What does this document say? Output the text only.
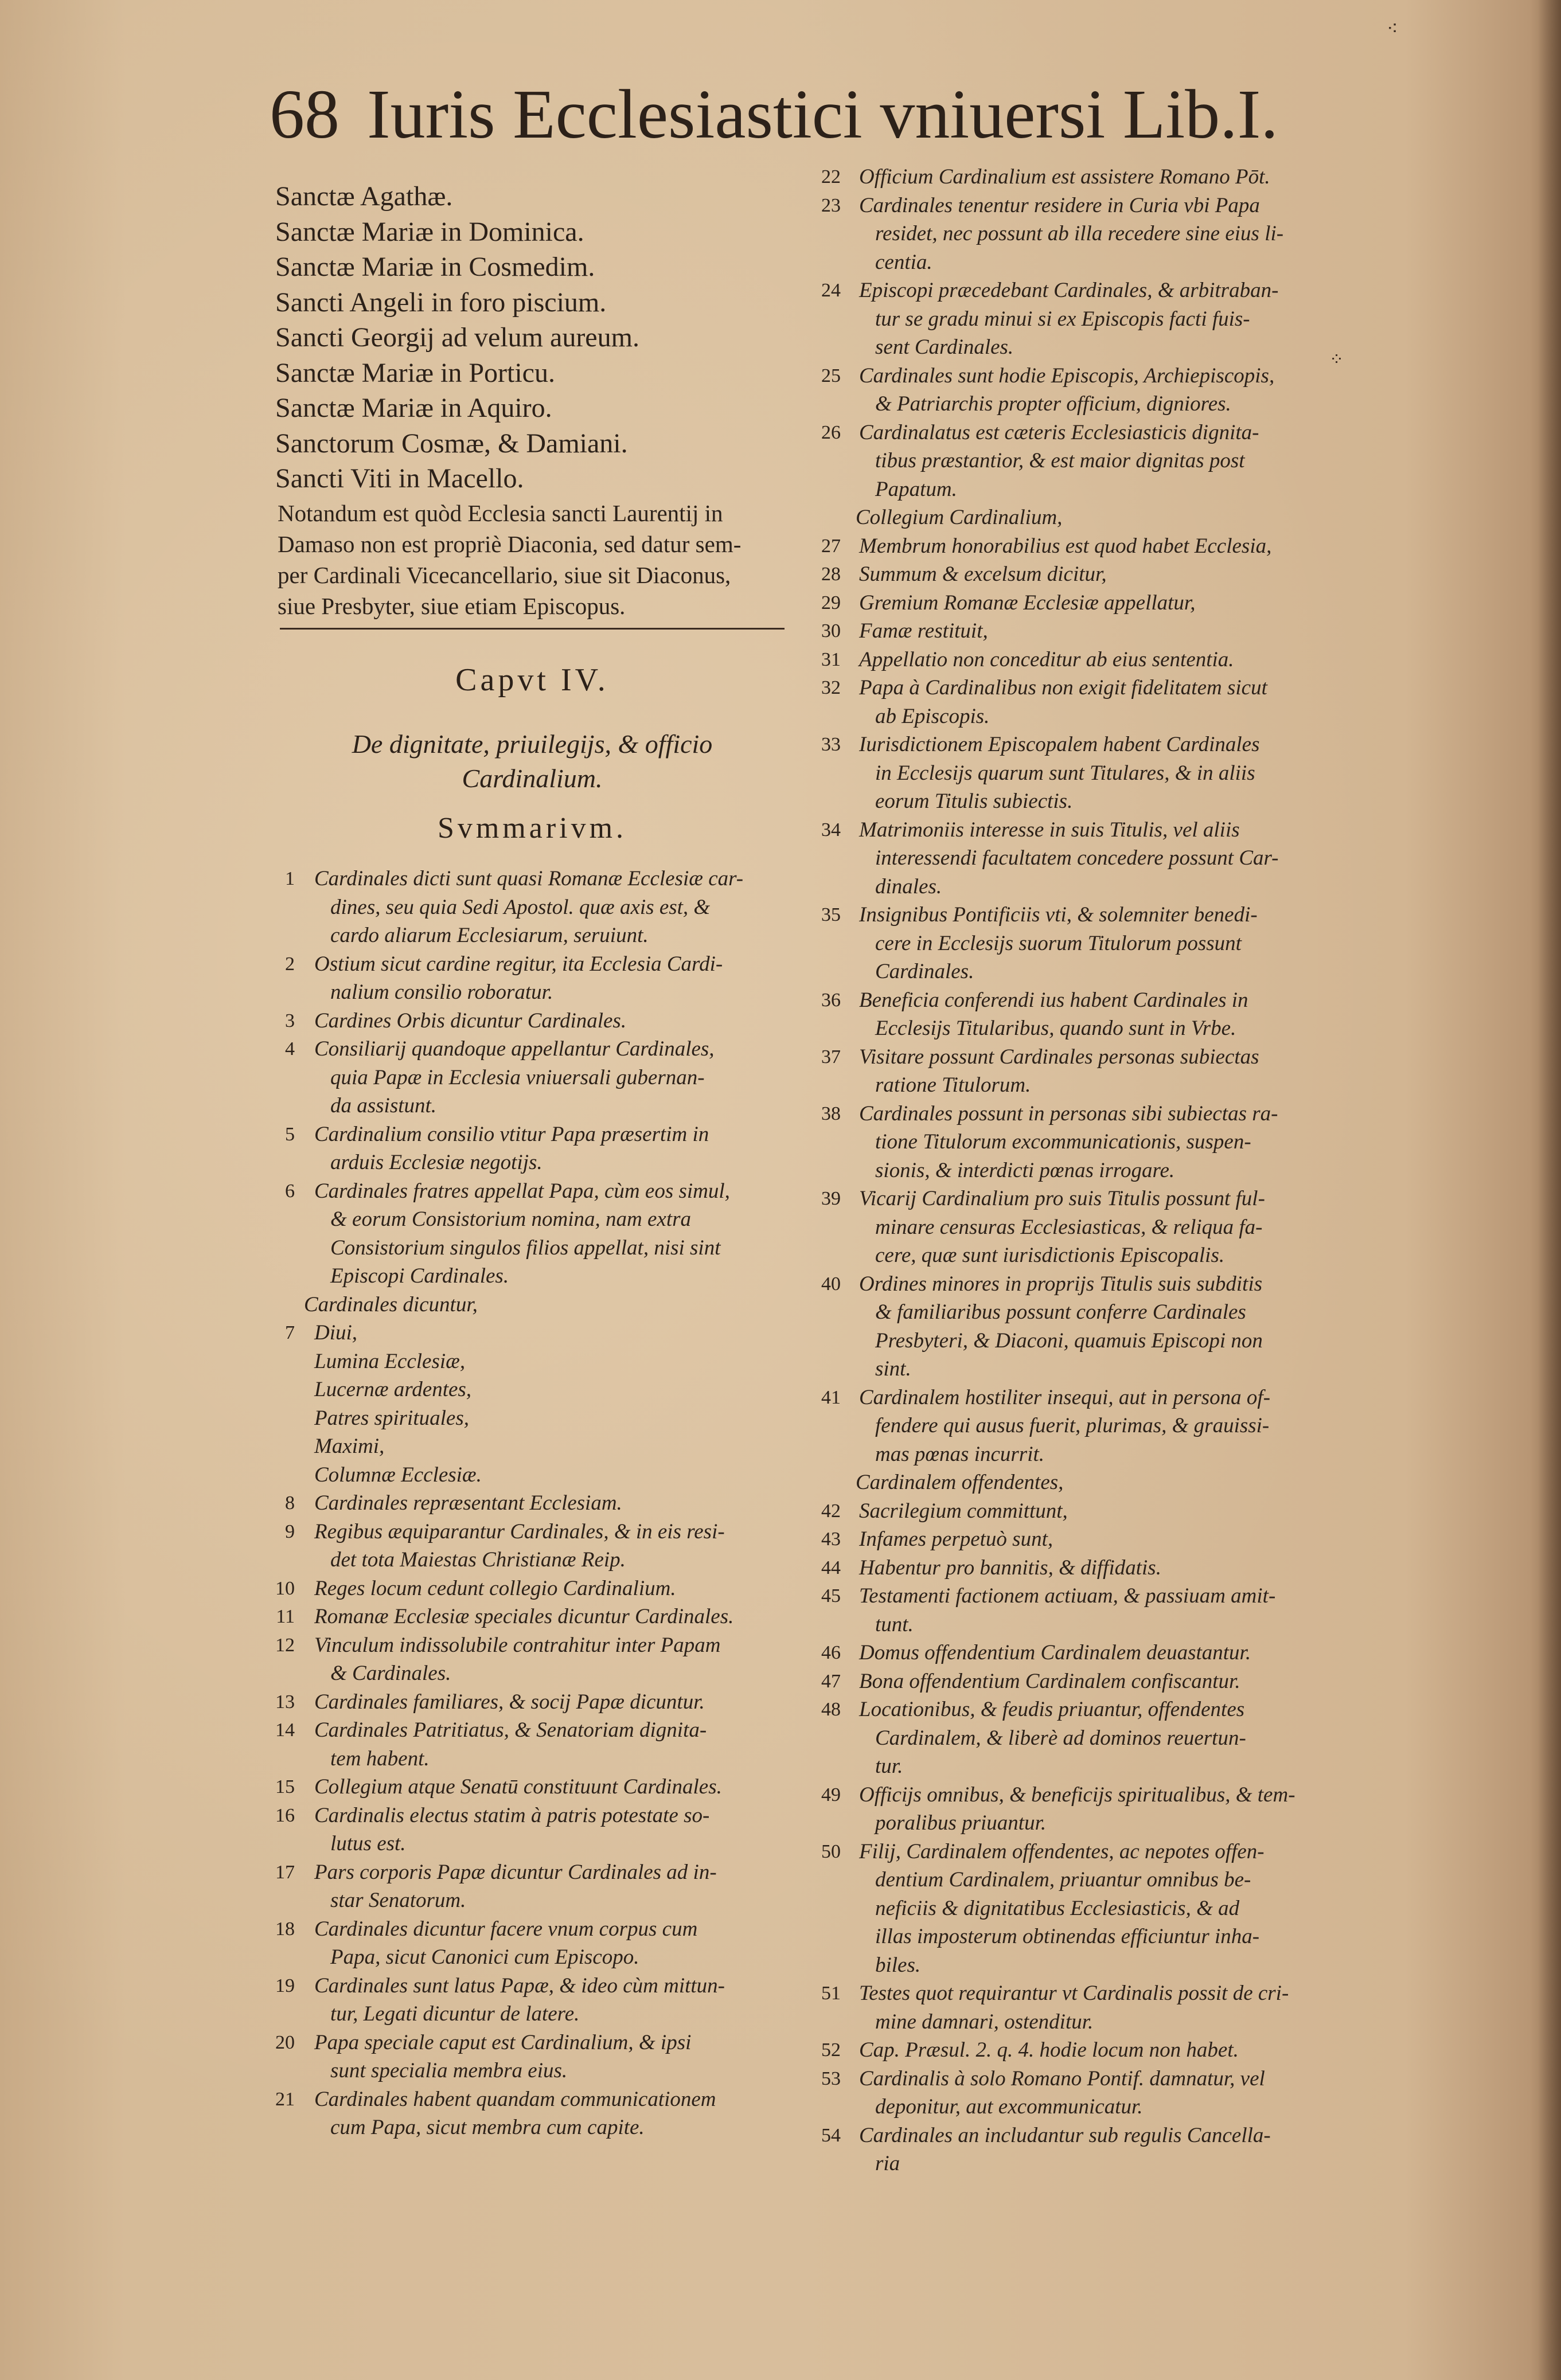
⁖
⁘
68 Iuris Ecclesiastici vniuersi Lib.I.
Sanctæ Agathæ.
Sanctæ Mariæ in Dominica.
Sanctæ Mariæ in Cosmedim.
Sancti Angeli in foro piscium.
Sancti Georgij ad velum aureum.
Sanctæ Mariæ in Porticu.
Sanctæ Mariæ in Aquiro.
Sanctorum Cosmæ, & Damiani.
Sancti Viti in Macello.
Notandum est quòd Ecclesia sancti Laurentij in
Damaso non est propriè Diaconia, sed datur sem-
per Cardinali Vicecancellario, siue sit Diaconus,
siue Presbyter, siue etiam Episcopus.
Capvt IV.
De dignitate, priuilegijs, & officio
Cardinalium.
Svmmarivm.
1 Cardinales dicti sunt quasi Romanæ Ecclesiæ car-
dines, seu quia Sedi Apostol. quæ axis est, &
cardo aliarum Ecclesiarum, seruiunt.
2 Ostium sicut cardine regitur, ita Ecclesia Cardi-
nalium consilio roboratur.
3 Cardines Orbis dicuntur Cardinales.
4 Consiliarij quandoque appellantur Cardinales,
quia Papæ in Ecclesia vniuersali gubernan-
da assistunt.
5 Cardinalium consilio vtitur Papa præsertim in
arduis Ecclesiæ negotijs.
6 Cardinales fratres appellat Papa, cùm eos simul,
& eorum Consistorium nomina, nam extra
Consistorium singulos filios appellat, nisi sint
Episcopi Cardinales.
Cardinales dicuntur,
7 Diui,
Lumina Ecclesiæ,
Lucernæ ardentes,
Patres spirituales,
Maximi,
Columnæ Ecclesiæ.
8 Cardinales repræsentant Ecclesiam.
9 Regibus æquiparantur Cardinales, & in eis resi-
det tota Maiestas Christianæ Reip.
10 Reges locum cedunt collegio Cardinalium.
11 Romanæ Ecclesiæ speciales dicuntur Cardinales.
12 Vinculum indissolubile contrahitur inter Papam
& Cardinales.
13 Cardinales familiares, & socij Papæ dicuntur.
14 Cardinales Patritiatus, & Senatoriam dignita-
tem habent.
15 Collegium atque Senatū constituunt Cardinales.
16 Cardinalis electus statim à patris potestate so-
lutus est.
17 Pars corporis Papæ dicuntur Cardinales ad in-
star Senatorum.
18 Cardinales dicuntur facere vnum corpus cum
Papa, sicut Canonici cum Episcopo.
19 Cardinales sunt latus Papæ, & ideo cùm mittun-
tur, Legati dicuntur de latere.
20 Papa speciale caput est Cardinalium, & ipsi
sunt specialia membra eius.
21 Cardinales habent quandam communicationem
cum Papa, sicut membra cum capite.
22 Officium Cardinalium est assistere Romano Pōt.
23 Cardinales tenentur residere in Curia vbi Papa
residet, nec possunt ab illa recedere sine eius li-
centia.
24 Episcopi præcedebant Cardinales, & arbitraban-
tur se gradu minui si ex Episcopis facti fuis-
sent Cardinales.
25 Cardinales sunt hodie Episcopis, Archiepiscopis,
& Patriarchis propter officium, digniores.
26 Cardinalatus est cæteris Ecclesiasticis dignita-
tibus præstantior, & est maior dignitas post
Papatum.
Collegium Cardinalium,
27 Membrum honorabilius est quod habet Ecclesia,
28 Summum & excelsum dicitur,
29 Gremium Romanæ Ecclesiæ appellatur,
30 Famæ restituit,
31 Appellatio non conceditur ab eius sententia.
32 Papa à Cardinalibus non exigit fidelitatem sicut
ab Episcopis.
33 Iurisdictionem Episcopalem habent Cardinales
in Ecclesijs quarum sunt Titulares, & in aliis
eorum Titulis subiectis.
34 Matrimoniis interesse in suis Titulis, vel aliis
interessendi facultatem concedere possunt Car-
dinales.
35 Insignibus Pontificiis vti, & solemniter benedi-
cere in Ecclesijs suorum Titulorum possunt
Cardinales.
36 Beneficia conferendi ius habent Cardinales in
Ecclesijs Titularibus, quando sunt in Vrbe.
37 Visitare possunt Cardinales personas subiectas
ratione Titulorum.
38 Cardinales possunt in personas sibi subiectas ra-
tione Titulorum excommunicationis, suspen-
sionis, & interdicti pœnas irrogare.
39 Vicarij Cardinalium pro suis Titulis possunt ful-
minare censuras Ecclesiasticas, & reliqua fa-
cere, quæ sunt iurisdictionis Episcopalis.
40 Ordines minores in proprijs Titulis suis subditis
& familiaribus possunt conferre Cardinales
Presbyteri, & Diaconi, quamuis Episcopi non
sint.
41 Cardinalem hostiliter insequi, aut in persona of-
fendere qui ausus fuerit, plurimas, & grauissi-
mas pœnas incurrit.
Cardinalem offendentes,
42 Sacrilegium committunt,
43 Infames perpetuò sunt,
44 Habentur pro bannitis, & diffidatis.
45 Testamenti factionem actiuam, & passiuam amit-
tunt.
46 Domus offendentium Cardinalem deuastantur.
47 Bona offendentium Cardinalem confiscantur.
48 Locationibus, & feudis priuantur, offendentes
Cardinalem, & liberè ad dominos reuertun-
tur.
49 Officijs omnibus, & beneficijs spiritualibus, & tem-
poralibus priuantur.
50 Filij, Cardinalem offendentes, ac nepotes offen-
dentium Cardinalem, priuantur omnibus be-
neficiis & dignitatibus Ecclesiasticis, & ad
illas imposterum obtinendas efficiuntur inha-
biles.
51 Testes quot requirantur vt Cardinalis possit de cri-
mine damnari, ostenditur.
52 Cap. Præsul. 2. q. 4. hodie locum non habet.
53 Cardinalis à solo Romano Pontif. damnatur, vel
deponitur, aut excommunicatur.
54 Cardinales an includantur sub regulis Cancella-
ria
